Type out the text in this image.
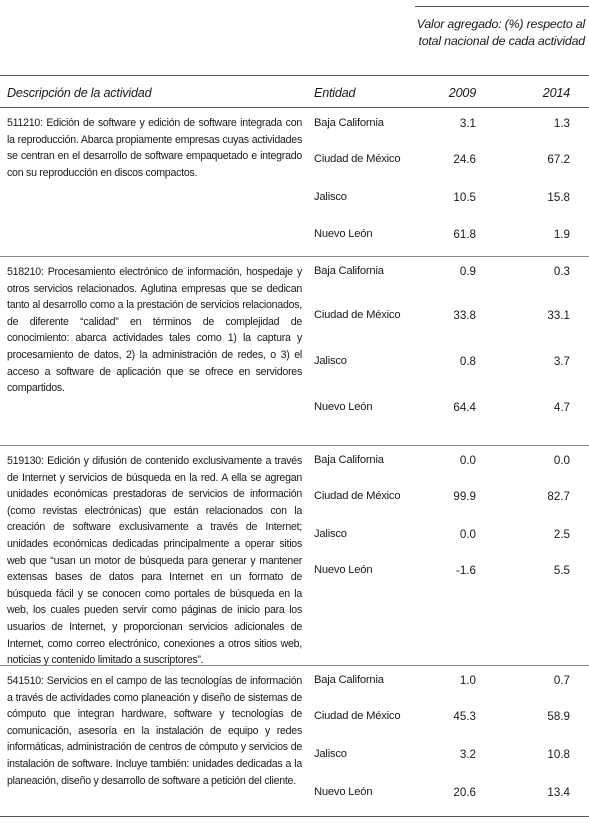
Valor agregado: (%) respecto al total nacional de cada actividad
Descripción de la actividad	Entidad	2009	2014
511210: Edición de software y edición de software integrada con la reproducción. Abarca propiamente empresas cuyas actividades se centran en el desarrollo de software empaquetado e integrado con su reproducción en discos compactos.
Baja California	3.1	1.3
Ciudad de México	24.6	67.2
Jalisco	10.5	15.8
Nuevo León	61.8	1.9
518210: Procesamiento electrónico de información, hospedaje y otros servicios relacionados. Aglutina empresas que se dedican tanto al desarrollo como a la prestación de servicios relacionados, de diferente “calidad” en términos de complejidad de conocimiento: abarca actividades tales como 1) la captura y procesamiento de datos, 2) la administración de redes, o 3) el acceso a software de aplicación que se ofrece en servidores compartidos.
Baja California	0.9	0.3
Ciudad de México	33.8	33.1
Jalisco	0.8	3.7
Nuevo León	64.4	4.7
519130: Edición y difusión de contenido exclusivamente a través de Internet y servicios de búsqueda en la red. A ella se agregan unidades económicas prestadoras de servicios de información (como revistas electrónicas) que están relacionados con la creación de software exclusivamente a través de Internet; unidades económicas dedicadas principalmente a operar sitios web que “usan un motor de búsqueda para generar y mantener extensas bases de datos para Internet en un formato de búsqueda fácil y se conocen como portales de búsqueda en la web, los cuales pueden servir como páginas de inicio para los usuarios de Internet, y proporcionan servicios adicionales de Internet, como correo electrónico, conexiones a otros sitios web, noticias y contenido limitado a suscriptores”.
Baja California	0.0	0.0
Ciudad de México	99.9	82.7
Jalisco	0.0	2.5
Nuevo León	-1.6	5.5
541510: Servicios en el campo de las tecnologías de información a través de actividades como planeación y diseño de sistemas de cómputo que integran hardware, software y tecnologías de comunicación, asesoría en la instalación de equipo y redes informáticas, administración de centros de cómputo y servicios de instalación de software. Incluye también: unidades dedicadas a la planeación, diseño y desarrollo de software a petición del cliente.
Baja California	1.0	0.7
Ciudad de México	45.3	58.9
Jalisco	3.2	10.8
Nuevo León	20.6	13.4
